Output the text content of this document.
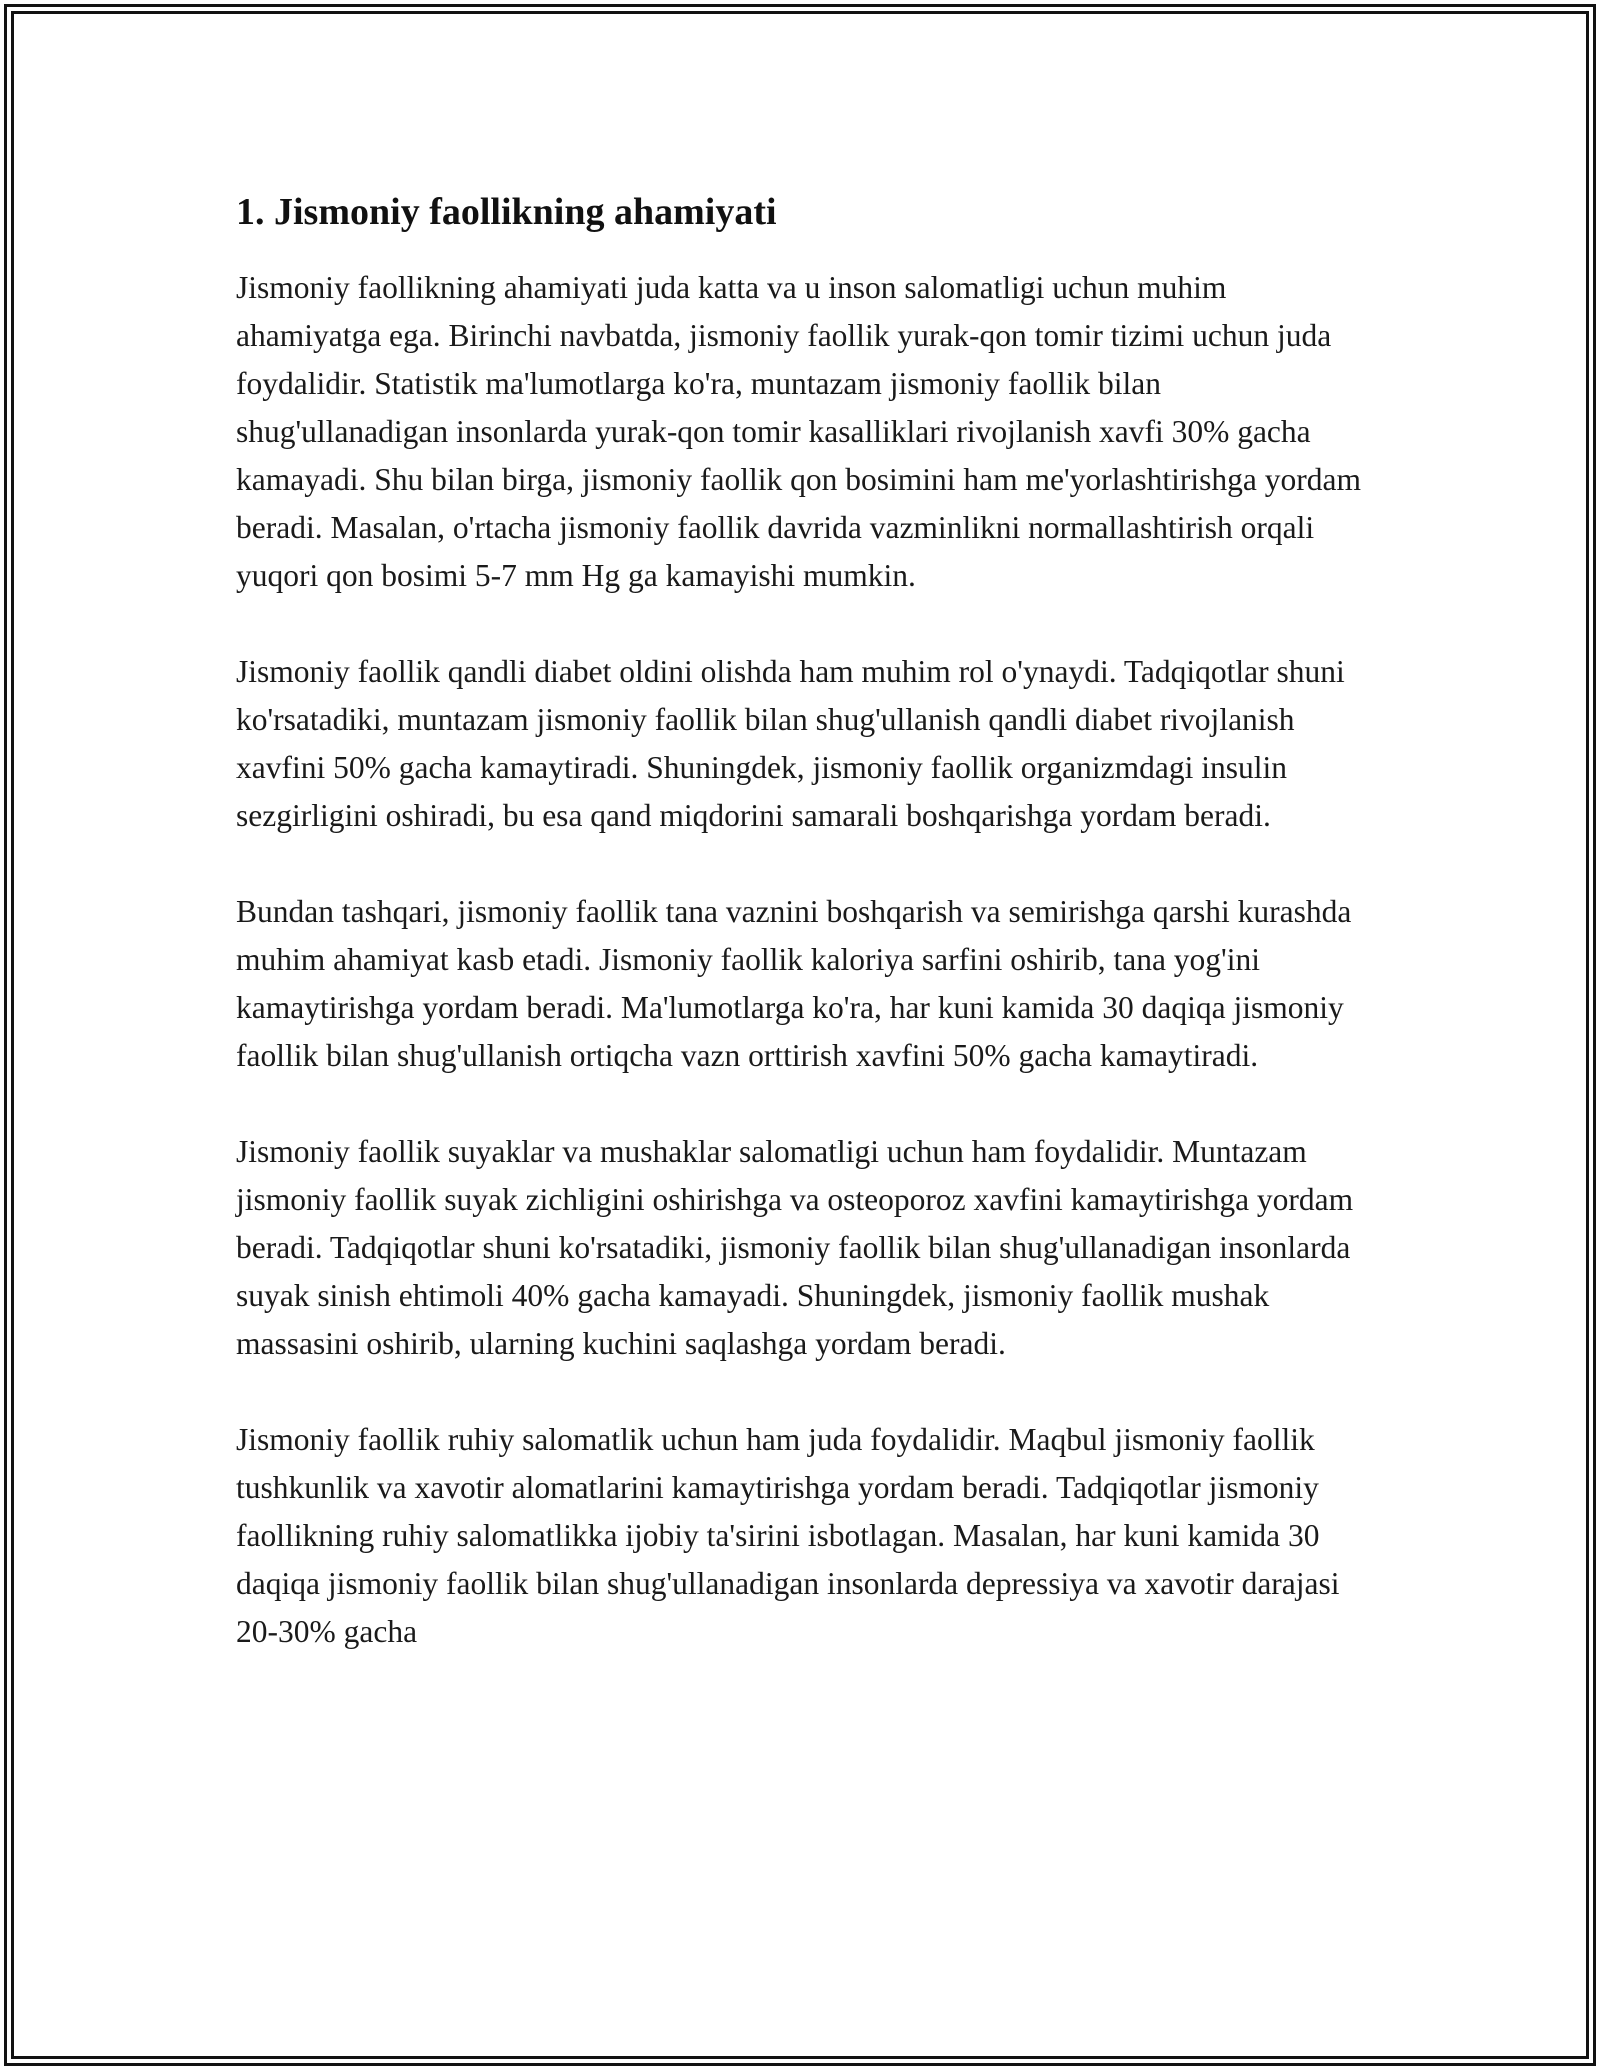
1. Jismoniy faollikning ahamiyati

Jismoniy faollikning ahamiyati juda katta va u inson salomatligi uchun muhim ahamiyatga ega. Birinchi navbatda, jismoniy faollik yurak-qon tomir tizimi uchun juda foydalidir. Statistik ma'lumotlarga ko'ra, muntazam jismoniy faollik bilan shug'ullanadigan insonlarda yurak-qon tomir kasalliklari rivojlanish xavfi 30% gacha kamayadi. Shu bilan birga, jismoniy faollik qon bosimini ham me'yorlashtirishga yordam beradi. Masalan, o'rtacha jismoniy faollik davrida vazminlikni normallashtirish orqali yuqori qon bosimi 5-7 mm Hg ga kamayishi mumkin.

Jismoniy faollik qandli diabet oldini olishda ham muhim rol o'ynaydi. Tadqiqotlar shuni ko'rsatadiki, muntazam jismoniy faollik bilan shug'ullanish qandli diabet rivojlanish xavfini 50% gacha kamaytiradi. Shuningdek, jismoniy faollik organizmdagi insulin sezgirligini oshiradi, bu esa qand miqdorini samarali boshqarishga yordam beradi.

Bundan tashqari, jismoniy faollik tana vaznini boshqarish va semirishga qarshi kurashda muhim ahamiyat kasb etadi. Jismoniy faollik kaloriya sarfini oshirib, tana yog'ini kamaytirishga yordam beradi. Ma'lumotlarga ko'ra, har kuni kamida 30 daqiqa jismoniy faollik bilan shug'ullanish ortiqcha vazn orttirish xavfini 50% gacha kamaytiradi.

Jismoniy faollik suyaklar va mushaklar salomatligi uchun ham foydalidir. Muntazam jismoniy faollik suyak zichligini oshirishga va osteoporoz xavfini kamaytirishga yordam beradi. Tadqiqotlar shuni ko'rsatadiki, jismoniy faollik bilan shug'ullanadigan insonlarda suyak sinish ehtimoli 40% gacha kamayadi. Shuningdek, jismoniy faollik mushak massasini oshirib, ularning kuchini saqlashga yordam beradi.

Jismoniy faollik ruhiy salomatlik uchun ham juda foydalidir. Maqbul jismoniy faollik tushkunlik va xavotir alomatlarini kamaytirishga yordam beradi. Tadqiqotlar jismoniy faollikning ruhiy salomatlikka ijobiy ta'sirini isbotlagan. Masalan, har kuni kamida 30 daqiqa jismoniy faollik bilan shug'ullanadigan insonlarda depressiya va xavotir darajasi 20-30% gacha
